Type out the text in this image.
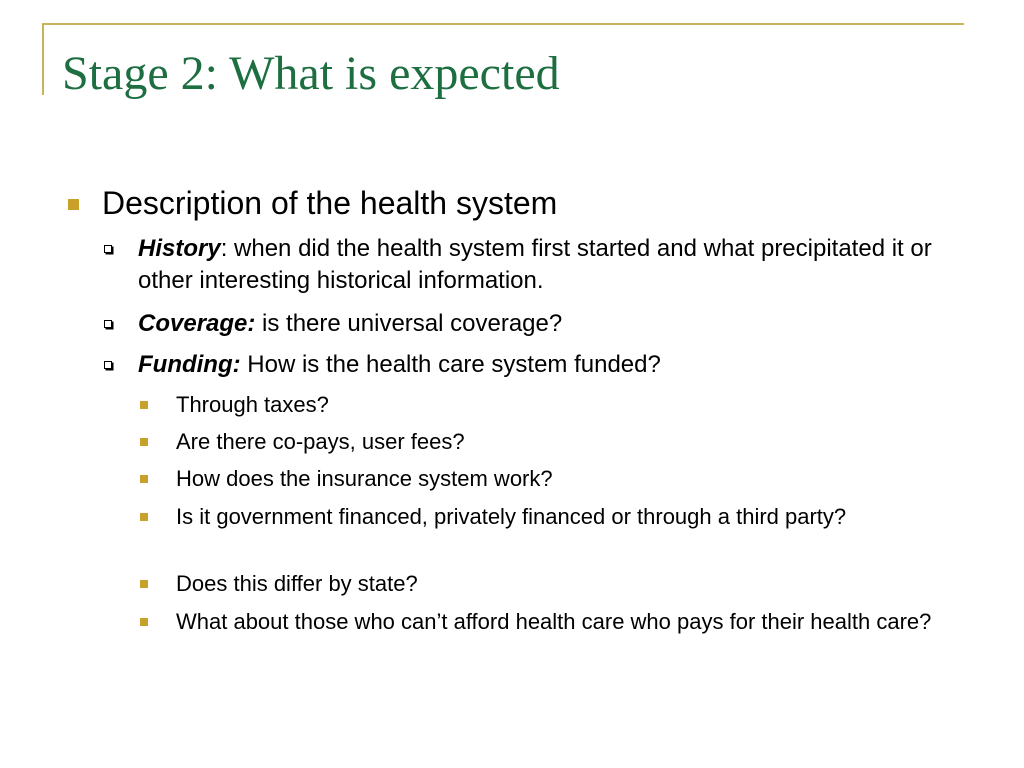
Stage 2: What is expected
Description of the health system
History: when did the health system first started and what precipitated it or other interesting historical information.
Coverage: is there universal coverage?
Funding: How is the health care system funded?
Through taxes?
Are there co-pays, user fees?
How does the insurance system work?
Is it government financed, privately financed or through a third party?
Does this differ by state?
What about those who can’t afford health care who pays for their health care?
